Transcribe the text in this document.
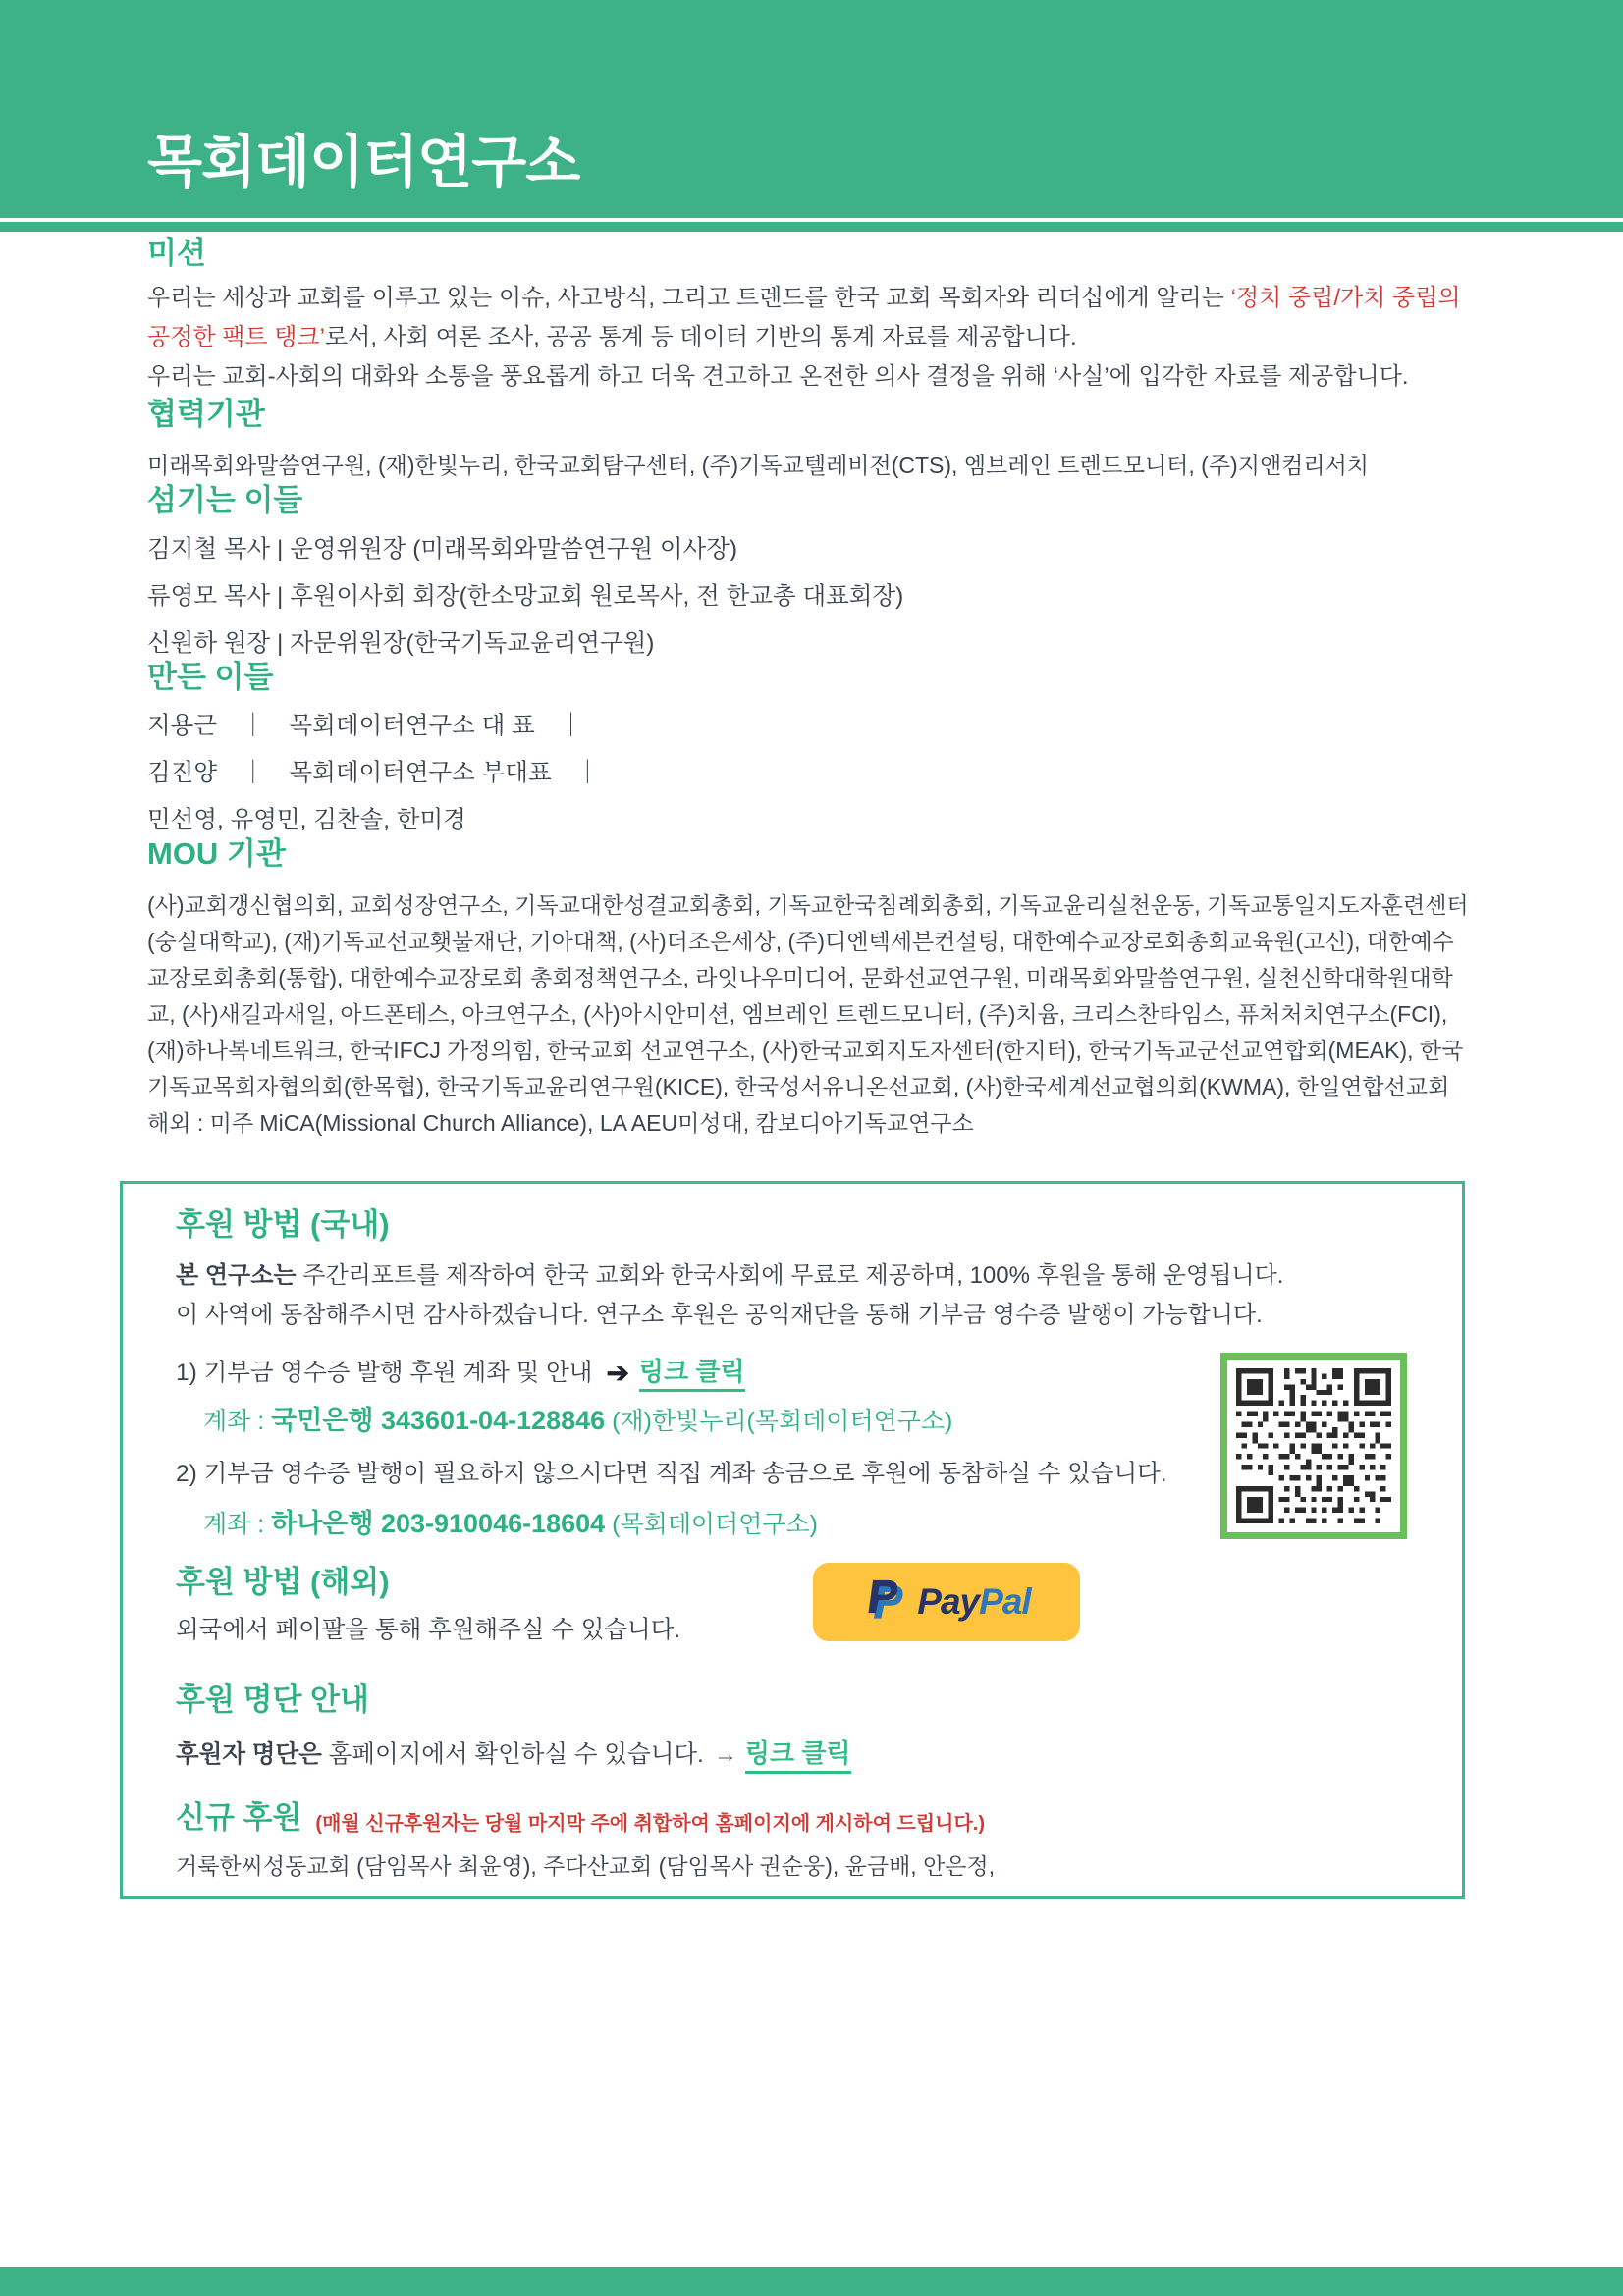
목회데이터연구소
미션

우리는 세상과 교회를 이루고 있는 이슈, 사고방식, 그리고 트렌드를 한국 교회 목회자와 리더십에게 알리는 ‘정치 중립/가치 중립의 공정한 팩트 탱크’로서, 사회 여론 조사, 공공 통계 등 데이터 기반의 통계 자료를 제공합니다.

우리는 교회-사회의 대화와 소통을 풍요롭게 하고 더욱 견고하고 온전한 의사 결정을 위해 ‘사실’에 입각한 자료를 제공합니다.

협력기관

미래목회와말씀연구원, (재)한빛누리, 한국교회탐구센터, (주)기독교텔레비전(CTS), 엠브레인 트렌드모니터, (주)지앤컴리서치

섬기는 이들

김지철 목사 | 운영위원장 (미래목회와말씀연구원 이사장)

류영모 목사 | 후원이사회 회장(한소망교회 원로목사, 전 한교총 대표회장)

신원하 원장 | 자문위원장(한국기독교윤리연구원)

만든 이들

지용근　｜　목회데이터연구소 대 표　｜

김진양　｜　목회데이터연구소 부대표　｜

민선영, 유영민, 김찬솔, 한미경

MOU 기관

(사)교회갱신협의회, 교회성장연구소, 기독교대한성결교회총회, 기독교한국침례회총회, 기독교윤리실천운동, 기독교통일지도자훈련센터(숭실대학교), (재)기독교선교횃불재단, 기아대책, (사)더조은세상, (주)디엔텍세븐컨설팅, 대한예수교장로회총회교육원(고신), 대한예수교장로회총회(통합), 대한예수교장로회 총회정책연구소, 라잇나우미디어, 문화선교연구원, 미래목회와말씀연구원, 실천신학대학원대학교, (사)새길과새일, 아드폰테스, 아크연구소, (사)아시안미션, 엠브레인 트렌드모니터, (주)치윰, 크리스찬타임스, 퓨처처치연구소(FCI), (재)하나복네트워크, 한국IFCJ 가정의힘, 한국교회 선교연구소, (사)한국교회지도자센터(한지터), 한국기독교군선교연합회(MEAK), 한국기독교목회자협의회(한목협), 한국기독교윤리연구원(KICE), 한국성서유니온선교회, (사)한국세계선교협의회(KWMA), 한일연합선교회

해외 : 미주 MiCA(Missional Church Alliance), LA AEU미성대, 캄보디아기독교연구소

후원 방법 (국내)

본 연구소는 주간리포트를 제작하여 한국 교회와 한국사회에 무료로 제공하며, 100% 후원을 통해 운영됩니다.

이 사역에 동참해주시면 감사하겠습니다. 연구소 후원은 공익재단을 통해 기부금 영수증 발행이 가능합니다.

1) 기부금 영수증 발행 후원 계좌 및 안내 ➔ 링크 클릭

계좌 : 국민은행 343601-04-128846 (재)한빛누리(목회데이터연구소)

2) 기부금 영수증 발행이 필요하지 않으시다면 직접 계좌 송금으로 후원에 동참하실 수 있습니다.

계좌 : 하나은행 203-910046-18604 (목회데이터연구소)

후원 방법 (해외)

외국에서 페이팔을 통해 후원해주실 수 있습니다.

후원 명단 안내

후원자 명단은 홈페이지에서 확인하실 수 있습니다. → 링크 클릭

신규 후원 (매월 신규후원자는 당월 마지막 주에 취합하여 홈페이지에 게시하여 드립니다.)

거룩한씨성동교회 (담임목사 최윤영), 주다산교회 (담임목사 권순웅), 윤금배, 안은정,

PayPal
